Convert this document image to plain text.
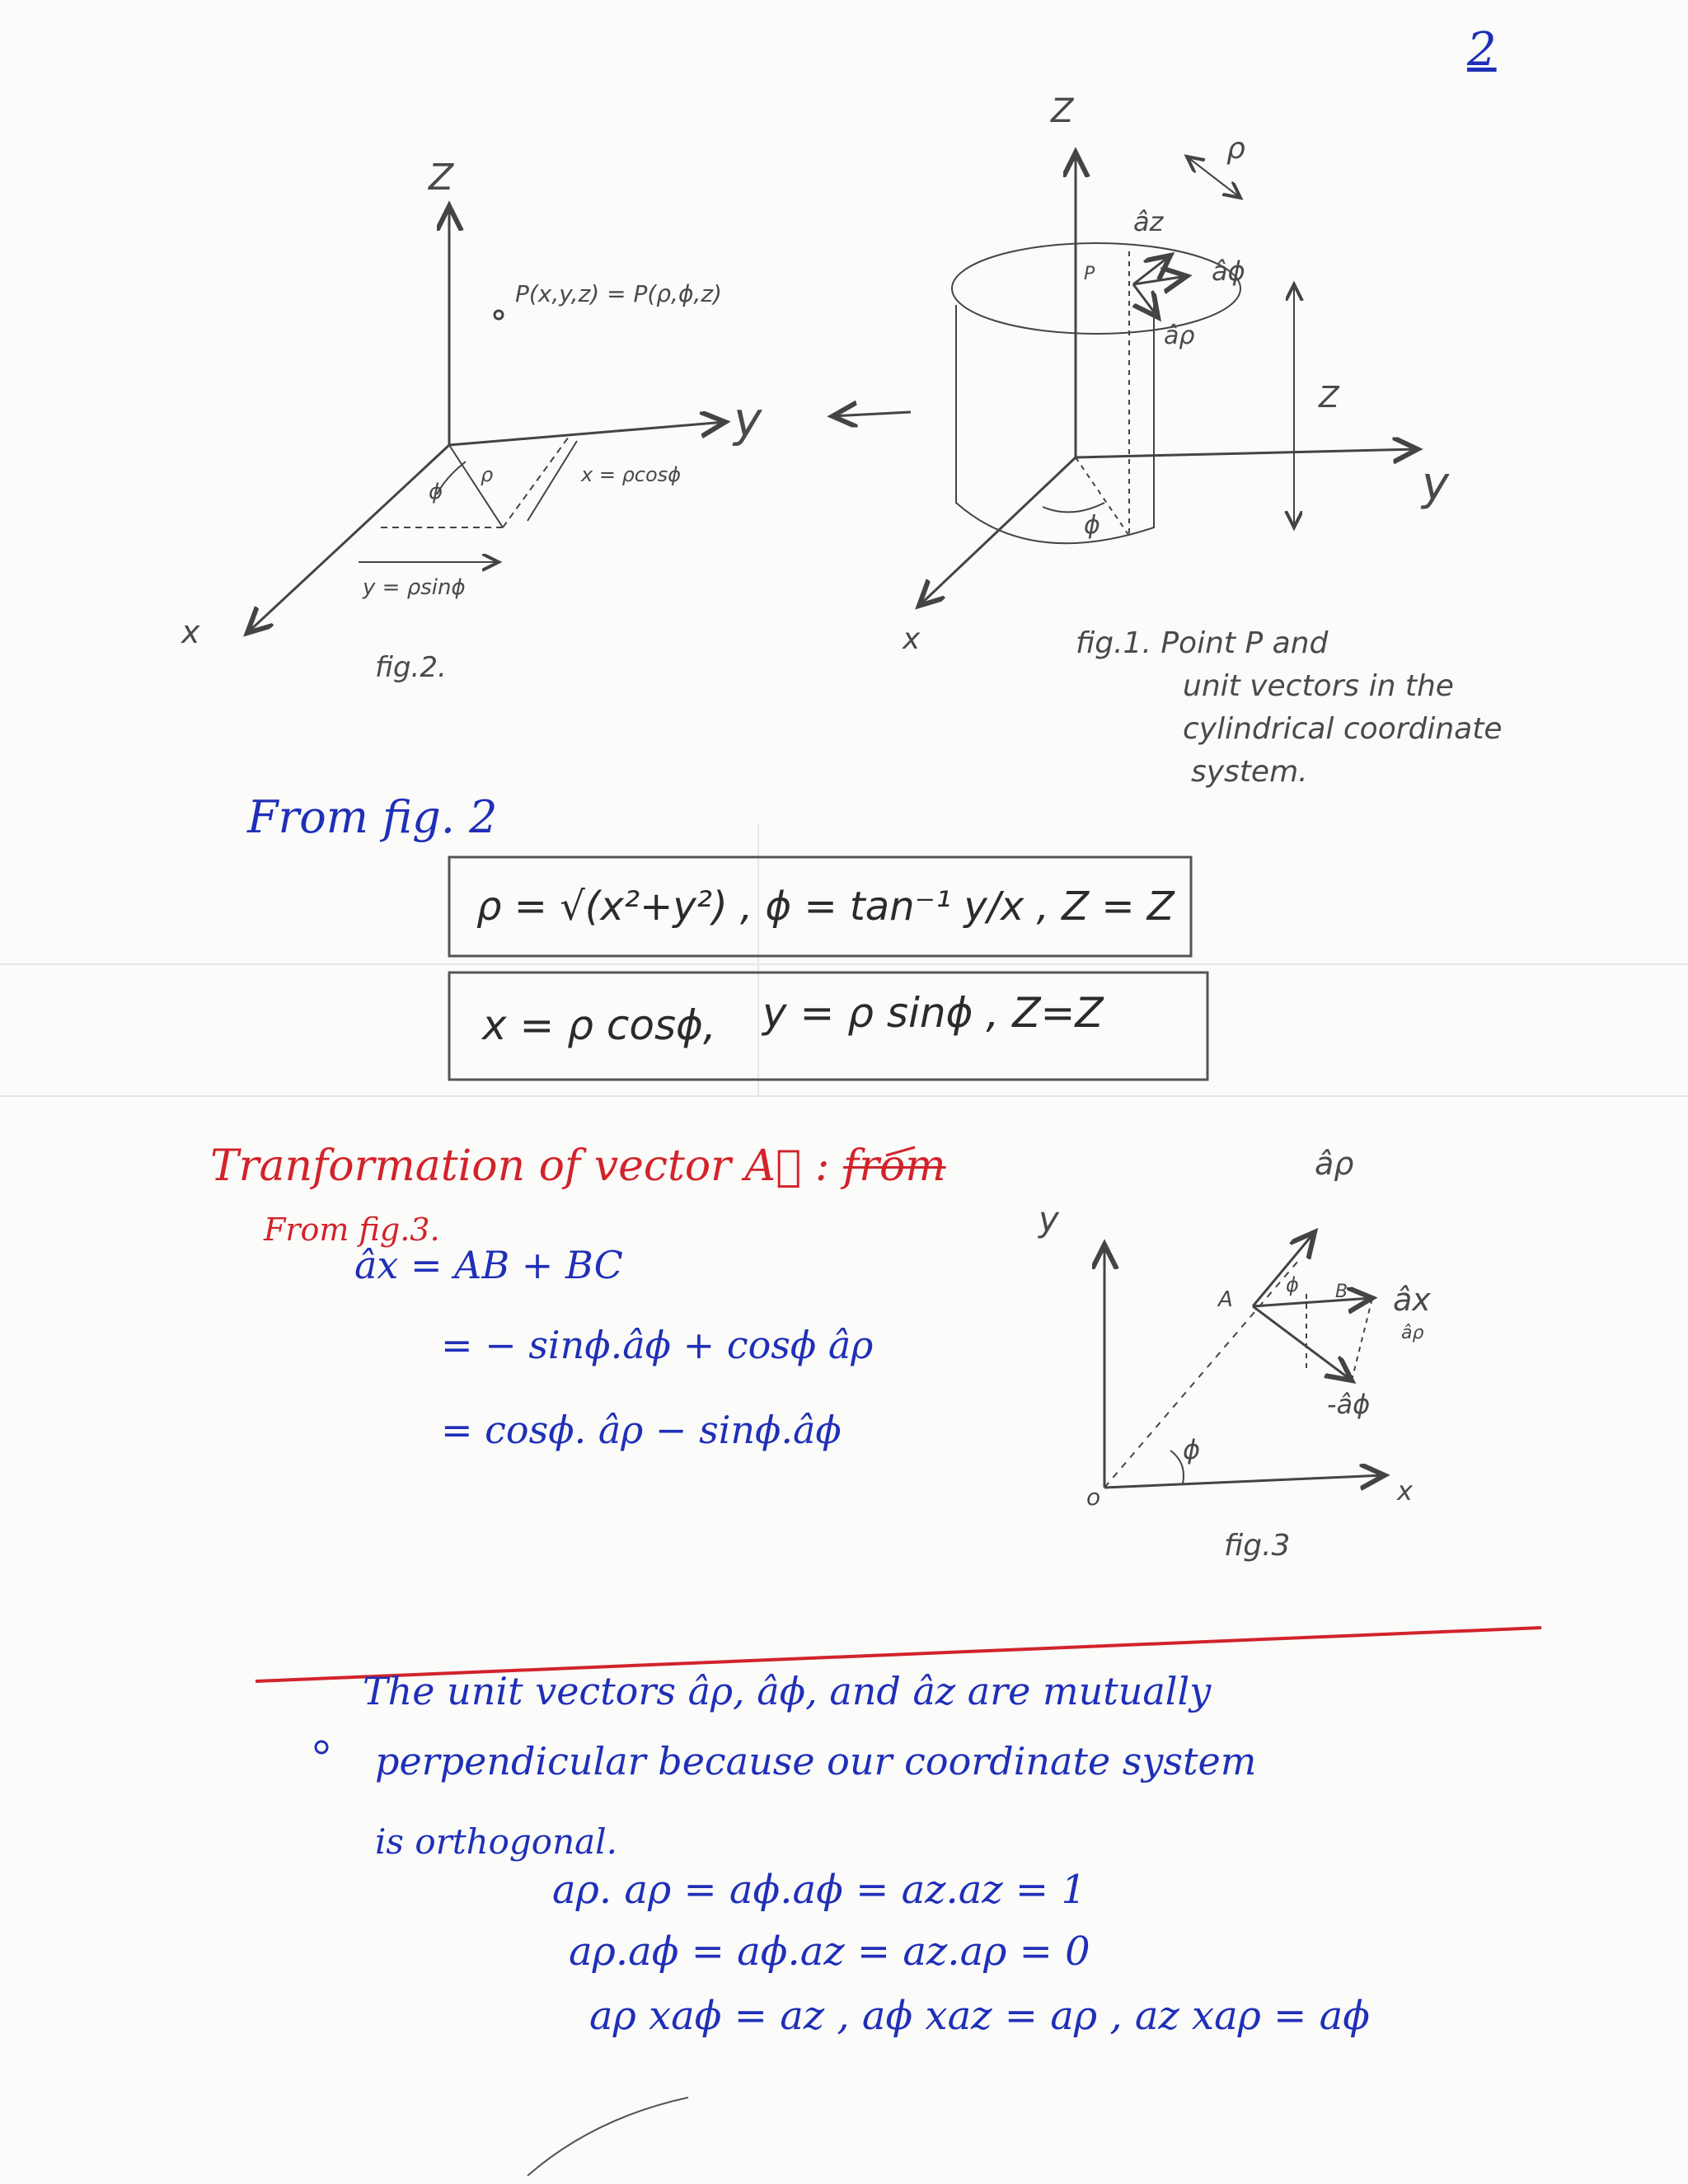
2
Z
y
x
P(x,y,z) = P(ρ,ϕ,z)
ρ
ϕ
x = ρcosϕ
y = ρsinϕ
fig.2.
Z
ρ
âz
P	âϕ
âρ
Z
y
ϕ
x	fig.1. Point P and
unit vectors in the
cylindrical coordinate
system.
From fig. 2
ρ = √(x²+y²) , ϕ = tan⁻¹ y/x , Z = Z
x = ρ cosϕ, y = ρ sinϕ , Z=Z
Tranformation of vector A⃗ : from
From fig.3.
âx = AB + BC
= − sinϕ.âϕ + cosϕ âρ
= cosϕ. âρ − sinϕ.âϕ
y
âρ
A
ϕ B âx
âρ
-âϕ
ϕ
o	x
fig.3
The unit vectors âρ, âϕ, and âz are mutually
perpendicular because our coordinate system
is orthogonal.
aρ. aρ = aϕ.aϕ = az.az = 1
aρ.aϕ = aϕ.az = az.aρ = 0
aρ xaϕ = az , aϕ xaz = aρ , az xaρ = aϕ
